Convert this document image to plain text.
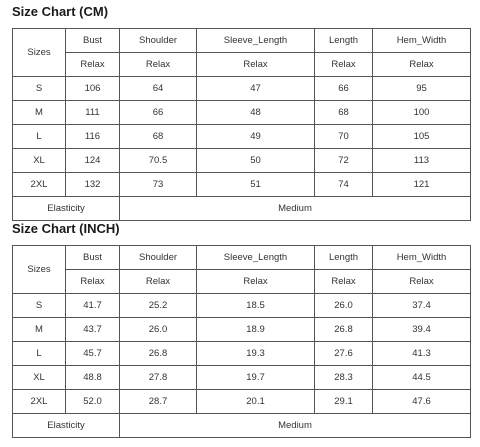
Size Chart (CM)
Sizes	Bust	Shoulder	Sleeve_Length	Length	Hem_Width
	Relax	Relax	Relax	Relax	Relax
S	106	64	47	66	95
M	111	66	48	68	100
L	116	68	49	70	105
XL	124	70.5	50	72	113
2XL	132	73	51	74	121
Elasticity		Medium			
Size Chart (INCH)
Sizes	Bust	Shoulder	Sleeve_Length	Length	Hem_Width
	Relax	Relax	Relax	Relax	Relax
S	41.7	25.2	18.5	26.0	37.4
M	43.7	26.0	18.9	26.8	39.4
L	45.7	26.8	19.3	27.6	41.3
XL	48.8	27.8	19.7	28.3	44.5
2XL	52.0	28.7	20.1	29.1	47.6
Elasticity		Medium			
